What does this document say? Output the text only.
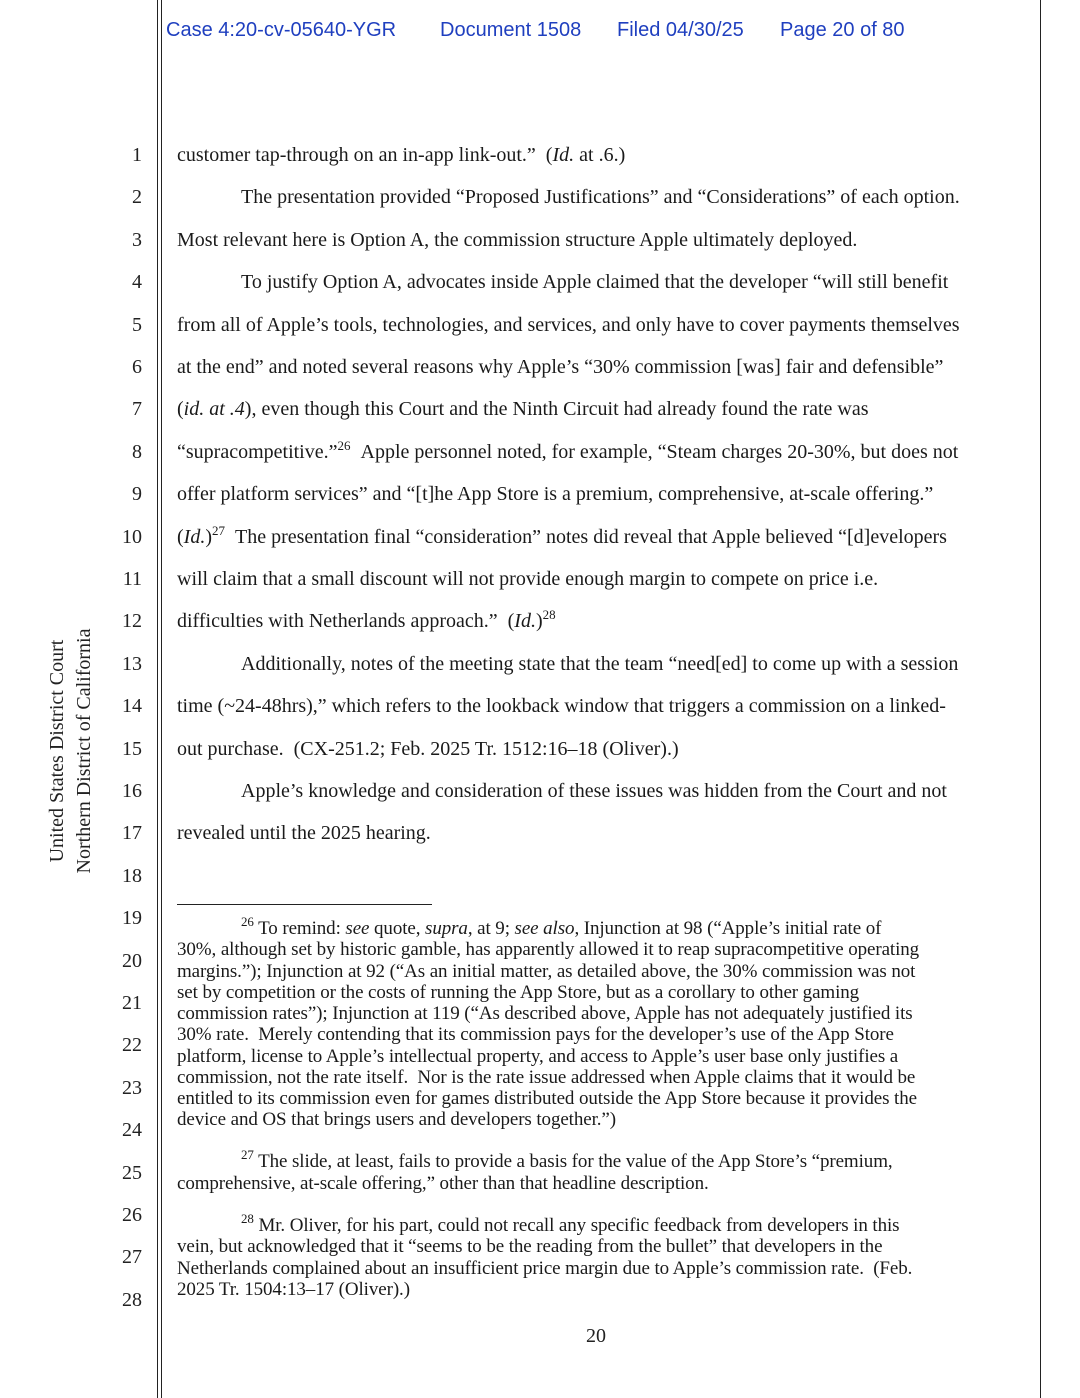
Case 4:20-cv-05640-YGR Document 1508 Filed 04/30/25 Page 20 of 80
United States District Court Northern District of California
1
2
3
4
5
6
7
8
9
10
11
12
13
14
15
16
17
18
19
20
21
22
23
24
25
26
27
28
customer tap-through on an in-app link-out.”  (Id. at .6.)
The presentation provided “Proposed Justifications” and “Considerations” of each option.
Most relevant here is Option A, the commission structure Apple ultimately deployed.
To justify Option A, advocates inside Apple claimed that the developer “will still benefit
from all of Apple’s tools, technologies, and services, and only have to cover payments themselves
at the end” and noted several reasons why Apple’s “30% commission [was] fair and defensible”
(id. at .4), even though this Court and the Ninth Circuit had already found the rate was
“supracompetitive.”$^{26}$  Apple personnel noted, for example, “Steam charges 20-30%, but does not
offer platform services” and “[t]he App Store is a premium, comprehensive, at-scale offering.”
$(Id.)^{27}$  The presentation final “consideration” notes did reveal that Apple believed “[d]evelopers
will claim that a small discount will not provide enough margin to compete on price i.e.
difficulties with Netherlands approach.”  $(Id.)^{28}$
Additionally, notes of the meeting state that the team “need[ed] to come up with a session
time (~24-48hrs),” which refers to the lookback window that triggers a commission on a linked-
out purchase.  (CX-251.2; Feb. 2025 Tr. 1512:16–18 (Oliver).)
Apple’s knowledge and consideration of these issues was hidden from the Court and not
revealed until the 2025 hearing.
$^{26}$ To remind: see quote, supra, at 9; see also, Injunction at 98 (“Apple’s initial rate of
30%, although set by historic gamble, has apparently allowed it to reap supracompetitive operating
margins.”); Injunction at 92 (“As an initial matter, as detailed above, the 30% commission was not
set by competition or the costs of running the App Store, but as a corollary to other gaming
commission rates”); Injunction at 119 (“As described above, Apple has not adequately justified its
30% rate.  Merely contending that its commission pays for the developer’s use of the App Store
platform, license to Apple’s intellectual property, and access to Apple’s user base only justifies a
commission, not the rate itself.  Nor is the rate issue addressed when Apple claims that it would be
entitled to its commission even for games distributed outside the App Store because it provides the
device and OS that brings users and developers together.”)
$^{27}$ The slide, at least, fails to provide a basis for the value of the App Store’s “premium,
comprehensive, at-scale offering,” other than that headline description.
$^{28}$ Mr. Oliver, for his part, could not recall any specific feedback from developers in this
vein, but acknowledged that it “seems to be the reading from the bullet” that developers in the
Netherlands complained about an insufficient price margin due to Apple’s commission rate.  (Feb.
2025 Tr. 1504:13–17 (Oliver).)
20
